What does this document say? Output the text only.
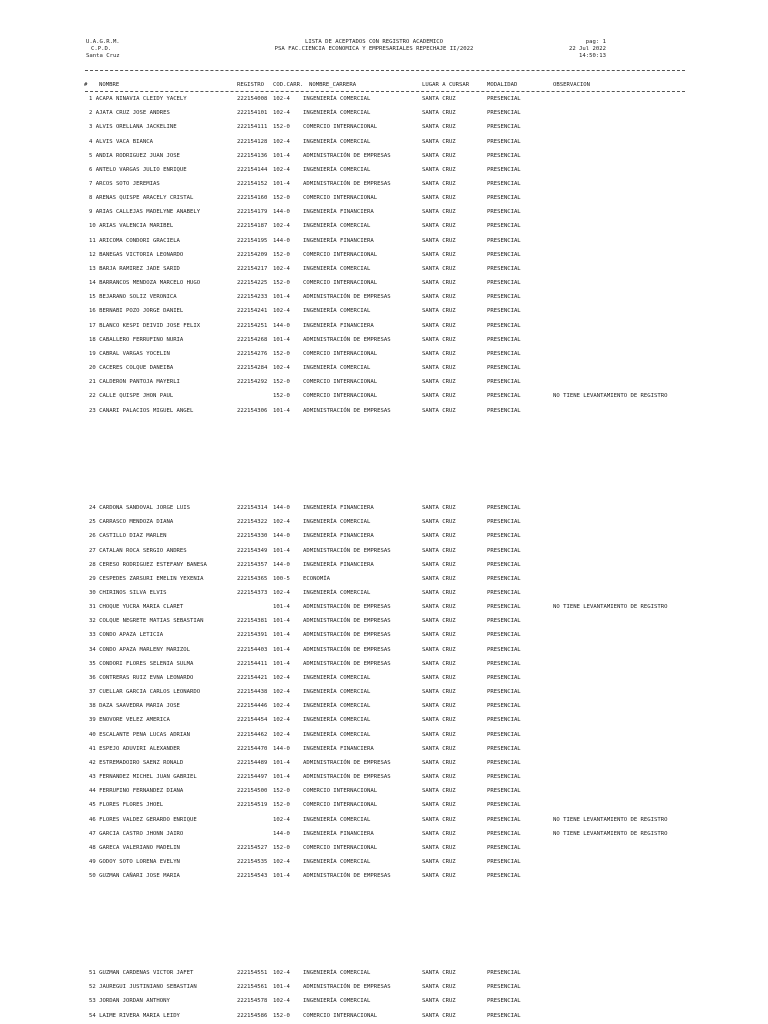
U.A.G.R.M.
C.P.D.
Santa Cruz
LISTA DE ACEPTADOS CON REGISTRO ACADEMICO
PSA FAC.CIENCIA ECONOMICA Y EMPRESARIALES REPECHAJE II/2022
pag: 1
22 Jul 2022
14:50:13
# NOMBRE	REGISTRO COD.CARR. NOMBRE_CARRERA	LUGAR A CURSAR	MODALIDAD	OBSERVACION
1 ACAPA NINAVIA CLEIDY YACELY	222154008 102-4 INGENIERÍA COMERCIAL	SANTA CRUZ	PRESENCIAL
2 AJATA CRUZ JOSE ANDRES	222154101 102-4 INGENIERÍA COMERCIAL	SANTA CRUZ	PRESENCIAL
3 ALVIS ORELLANA JACKELINE	222154111 152-0 COMERCIO INTERNACIONAL	SANTA CRUZ	PRESENCIAL
4 ALVIS VACA BIANCA	222154128 102-4 INGENIERÍA COMERCIAL	SANTA CRUZ	PRESENCIAL
5 ANDIA RODRIGUEZ JUAN JOSE	222154136 101-4 ADMINISTRACIÓN DE EMPRESAS	SANTA CRUZ	PRESENCIAL
6 ANTELO VARGAS JULIO ENRIQUE	222154144 102-4 INGENIERÍA COMERCIAL	SANTA CRUZ	PRESENCIAL
7 ARCOS SOTO JEREMIAS	222154152 101-4 ADMINISTRACIÓN DE EMPRESAS	SANTA CRUZ	PRESENCIAL
8 ARENAS QUISPE ARACELY CRISTAL	222154160 152-0 COMERCIO INTERNACIONAL	SANTA CRUZ	PRESENCIAL
9 ARIAS CALLEJAS MADELYNE ANABELY	222154179 144-0 INGENIERÍA FINANCIERA	SANTA CRUZ	PRESENCIAL
10 ARIAS VALENCIA MARIBEL	222154187 102-4 INGENIERÍA COMERCIAL	SANTA CRUZ	PRESENCIAL
11 ARICOMA CONDORI GRACIELA	222154195 144-0 INGENIERÍA FINANCIERA	SANTA CRUZ	PRESENCIAL
12 BANEGAS VICTORIA LEONARDO	222154209 152-0 COMERCIO INTERNACIONAL	SANTA CRUZ	PRESENCIAL
13 BARJA RAMIREZ JADE SARID	222154217 102-4 INGENIERÍA COMERCIAL	SANTA CRUZ	PRESENCIAL
14 BARRANCOS MENDOZA MARCELO HUGO	222154225 152-0 COMERCIO INTERNACIONAL	SANTA CRUZ	PRESENCIAL
15 BEJARANO SOLIZ VERONICA	222154233 101-4 ADMINISTRACIÓN DE EMPRESAS	SANTA CRUZ	PRESENCIAL
16 BERNABI POZO JORGE DANIEL	222154241 102-4 INGENIERÍA COMERCIAL	SANTA CRUZ	PRESENCIAL
17 BLANCO KESPI DEIVID JOSE FELIX	222154251 144-0 INGENIERÍA FINANCIERA	SANTA CRUZ	PRESENCIAL
18 CABALLERO FERRUFINO NURIA	222154268 101-4 ADMINISTRACIÓN DE EMPRESAS	SANTA CRUZ	PRESENCIAL
19 CABRAL VARGAS YOCELIN	222154276 152-0 COMERCIO INTERNACIONAL	SANTA CRUZ	PRESENCIAL
20 CACERES COLQUE DANEIBA	222154284 102-4 INGENIERÍA COMERCIAL	SANTA CRUZ	PRESENCIAL
21 CALDERON PANTOJA MAYERLI	222154292 152-0 COMERCIO INTERNACIONAL	SANTA CRUZ	PRESENCIAL
22 CALLE QUISPE JHON PAUL	152-0 COMERCIO INTERNACIONAL	SANTA CRUZ	PRESENCIAL	NO TIENE LEVANTAMIENTO DE REGISTRO
23 CANARI PALACIOS MIGUEL ANGEL	222154306 101-4 ADMINISTRACIÓN DE EMPRESAS	SANTA CRUZ	PRESENCIAL
24 CARDONA SANDOVAL JORGE LUIS	222154314 144-0 INGENIERÍA FINANCIERA	SANTA CRUZ	PRESENCIAL
25 CARRASCO MENDOZA DIANA	222154322 102-4 INGENIERÍA COMERCIAL	SANTA CRUZ	PRESENCIAL
26 CASTILLO DIAZ MARLEN	222154330 144-0 INGENIERÍA FINANCIERA	SANTA CRUZ	PRESENCIAL
27 CATALAN ROCA SERGIO ANDRES	222154349 101-4 ADMINISTRACIÓN DE EMPRESAS	SANTA CRUZ	PRESENCIAL
28 CERESO RODRIGUEZ ESTEFANY BANESA	222154357 144-0 INGENIERÍA FINANCIERA	SANTA CRUZ	PRESENCIAL
29 CESPEDES ZARSURI EMELIN YEXENIA	222154365 100-5 ECONOMÍA	SANTA CRUZ	PRESENCIAL
30 CHIRINOS SILVA ELVIS	222154373 102-4 INGENIERÍA COMERCIAL	SANTA CRUZ	PRESENCIAL
31 CHOQUE YUCRA MARIA CLARET	101-4 ADMINISTRACIÓN DE EMPRESAS	SANTA CRUZ	PRESENCIAL	NO TIENE LEVANTAMIENTO DE REGISTRO
32 COLQUE NEGRETE MATIAS SEBASTIAN	222154381 101-4 ADMINISTRACIÓN DE EMPRESAS	SANTA CRUZ	PRESENCIAL
33 CONDO APAZA LETICIA	222154391 101-4 ADMINISTRACIÓN DE EMPRESAS	SANTA CRUZ	PRESENCIAL
34 CONDO APAZA MARLENY MARIZOL	222154403 101-4 ADMINISTRACIÓN DE EMPRESAS	SANTA CRUZ	PRESENCIAL
35 CONDORI FLORES SELENIA SULMA	222154411 101-4 ADMINISTRACIÓN DE EMPRESAS	SANTA CRUZ	PRESENCIAL
36 CONTRERAS RUIZ EVNA LEONARDO	222154421 102-4 INGENIERÍA COMERCIAL	SANTA CRUZ	PRESENCIAL
37 CUELLAR GARCIA CARLOS LEONARDO	222154438 102-4 INGENIERÍA COMERCIAL	SANTA CRUZ	PRESENCIAL
38 DAZA SAAVEDRA MARIA JOSE	222154446 102-4 INGENIERÍA COMERCIAL	SANTA CRUZ	PRESENCIAL
39 ENOVORE VELEZ AMERICA	222154454 102-4 INGENIERÍA COMERCIAL	SANTA CRUZ	PRESENCIAL
40 ESCALANTE PENA LUCAS ADRIAN	222154462 102-4 INGENIERÍA COMERCIAL	SANTA CRUZ	PRESENCIAL
41 ESPEJO ADUVIRI ALEXANDER	222154470 144-0 INGENIERÍA FINANCIERA	SANTA CRUZ	PRESENCIAL
42 ESTREMADOIRO SAENZ RONALD	222154489 101-4 ADMINISTRACIÓN DE EMPRESAS	SANTA CRUZ	PRESENCIAL
43 FERNANDEZ MICHEL JUAN GABRIEL	222154497 101-4 ADMINISTRACIÓN DE EMPRESAS	SANTA CRUZ	PRESENCIAL
44 FERRUFINO FERNANDEZ DIANA	222154500 152-0 COMERCIO INTERNACIONAL	SANTA CRUZ	PRESENCIAL
45 FLORES FLORES JHOEL	222154519 152-0 COMERCIO INTERNACIONAL	SANTA CRUZ	PRESENCIAL
46 FLORES VALDEZ GERARDO ENRIQUE	102-4 INGENIERÍA COMERCIAL	SANTA CRUZ	PRESENCIAL	NO TIENE LEVANTAMIENTO DE REGISTRO
47 GARCIA CASTRO JHONN JAIRO	144-0 INGENIERÍA FINANCIERA	SANTA CRUZ	PRESENCIAL	NO TIENE LEVANTAMIENTO DE REGISTRO
48 GARECA VALERIANO MADELIN	222154527 152-0 COMERCIO INTERNACIONAL	SANTA CRUZ	PRESENCIAL
49 GODOY SOTO LORENA EVELYN	222154535 102-4 INGENIERÍA COMERCIAL	SANTA CRUZ	PRESENCIAL
50 GUZMAN CAÑARI JOSE MARIA	222154543 101-4 ADMINISTRACIÓN DE EMPRESAS	SANTA CRUZ	PRESENCIAL
51 GUZMAN CARDENAS VICTOR JAFET	222154551 102-4 INGENIERÍA COMERCIAL	SANTA CRUZ	PRESENCIAL
52 JAUREGUI JUSTINIANO SEBASTIAN	222154561 101-4 ADMINISTRACIÓN DE EMPRESAS	SANTA CRUZ	PRESENCIAL
53 JORDAN JORDAN ANTHONY	222154578 102-4 INGENIERÍA COMERCIAL	SANTA CRUZ	PRESENCIAL
54 LAIME RIVERA MARIA LEIDY	222154586 152-0 COMERCIO INTERNACIONAL	SANTA CRUZ	PRESENCIAL
